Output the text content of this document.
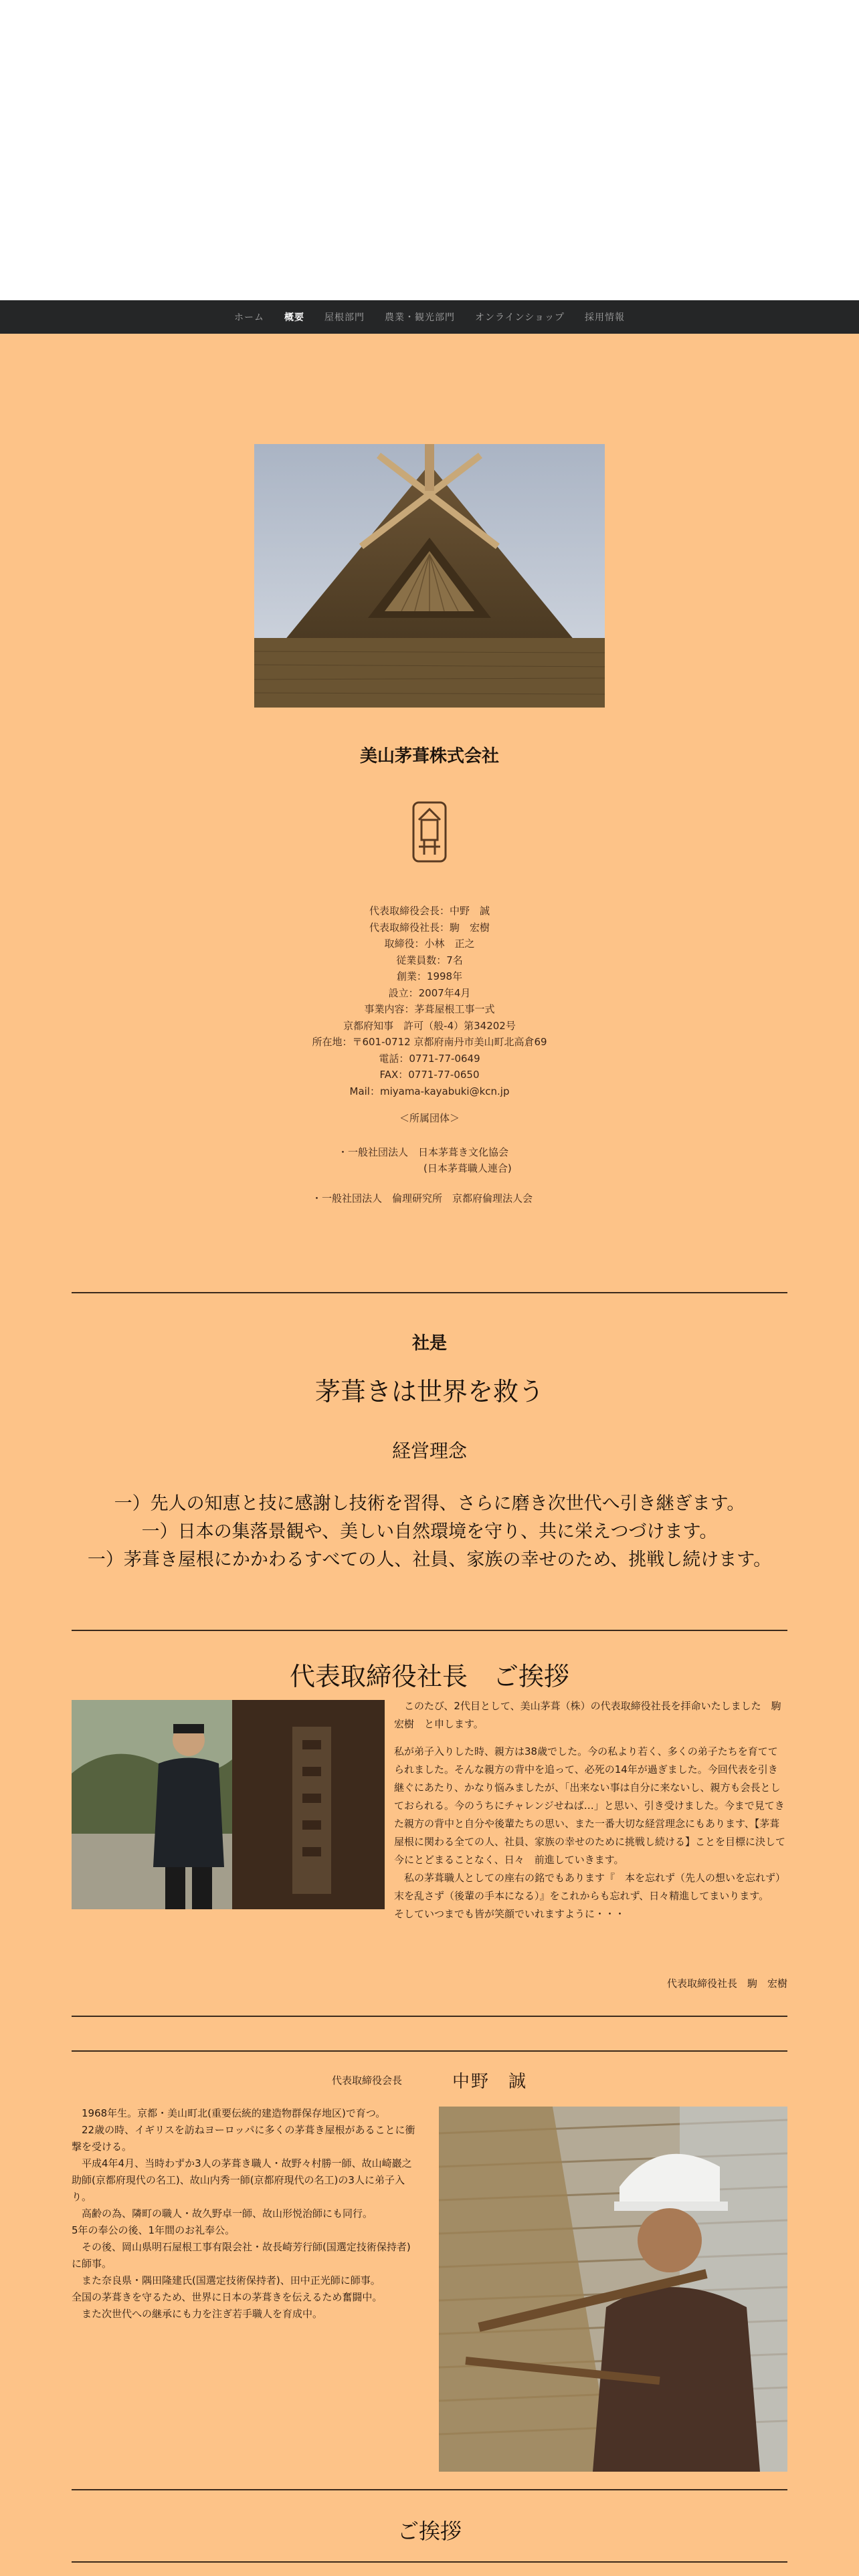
ホーム 概要 屋根部門 農業・観光部門 オンラインショップ 採用情報
美山茅葺株式会社
代表取締役会長：中野　誠
代表取締役社長：駒　宏樹
取締役：小林　正之
従業員数：7名
創業：1998年
設立：2007年4月
事業内容：茅葺屋根工事一式
京都府知事　許可（般-4）第34202号
所在地：〒601-0712 京都府南丹市美山町北高倉69
電話：0771-77-0649
FAX：0771-77-0650
Mail：miyama-kayabuki@kcn.jp
＜所属団体＞
・一般社団法人　日本茅葺き文化協会
(日本茅葺職人連合)
・一般社団法人　倫理研究所　京都府倫理法人会
社是
茅葺きは世界を救う
経営理念
一）先人の知恵と技に感謝し技術を習得、さらに磨き次世代へ引き継ぎます。
一）日本の集落景観や、美しい自然環境を守り、共に栄えつづけます。
一）茅葺き屋根にかかわるすべての人、社員、家族の幸せのため、挑戦し続けます。
代表取締役社長　ご挨拶

　このたび、2代目として、美山茅葺（株）の代表取締役社長を拝命いたしました　駒　宏樹　と申します。

私が弟子入りした時、親方は38歳でした。今の私より若く、多くの弟子たちを育ててられました。そんな親方の背中を追って、必死の14年が過ぎました。今回代表を引き継ぐにあたり、かなり悩みましたが、「出来ない事は自分に来ないし、親方も会長としておられる。今のうちにチャレンジせねば…」と思い、引き受けました。今まで見てきた親方の背中と自分や後輩たちの思い、また一番大切な経営理念にもあります、【茅葺屋根に関わる全ての人、社員、家族の幸せのために挑戦し続ける】ことを目標に決して今にとどまることなく、日々　前進していきます。

　私の茅葺職人としての座右の銘でもあります『　本を忘れず（先人の想いを忘れず）　末を乱さず（後輩の手本になる）』をこれからも忘れず、日々精進してまいります。

そしていつまでも皆が笑顔でいれますように・・・

代表取締役社長　駒　宏樹
代表取締役会長	中野　誠
　1968年生。京都・美山町北(重要伝統的建造物群保存地区)で育つ。
　22歳の時、イギリスを訪ねヨーロッパに多くの茅葺き屋根があることに衝撃を受ける。
　平成4年4月、当時わずか3人の茅葺き職人・故野々村勝一師、故山崎巖之助師(京都府現代の名工)、故山内秀一師(京都府現代の名工)の3人に弟子入り。
　高齢の為、隣町の職人・故久野卓一師、故山形悦治師にも同行。
5年の奉公の後、1年間のお礼奉公。
　その後、岡山県明石屋根工事有限会社・故長崎芳行師(国選定技術保持者)に師事。
　また奈良県・隅田隆建氏(国選定技術保持者)、田中正光師に師事。
全国の茅葺きを守るため、世界に日本の茅葺きを伝えるため奮闘中。
　また次世代への継承にも力を注ぎ若手職人を育成中。
ご挨拶
